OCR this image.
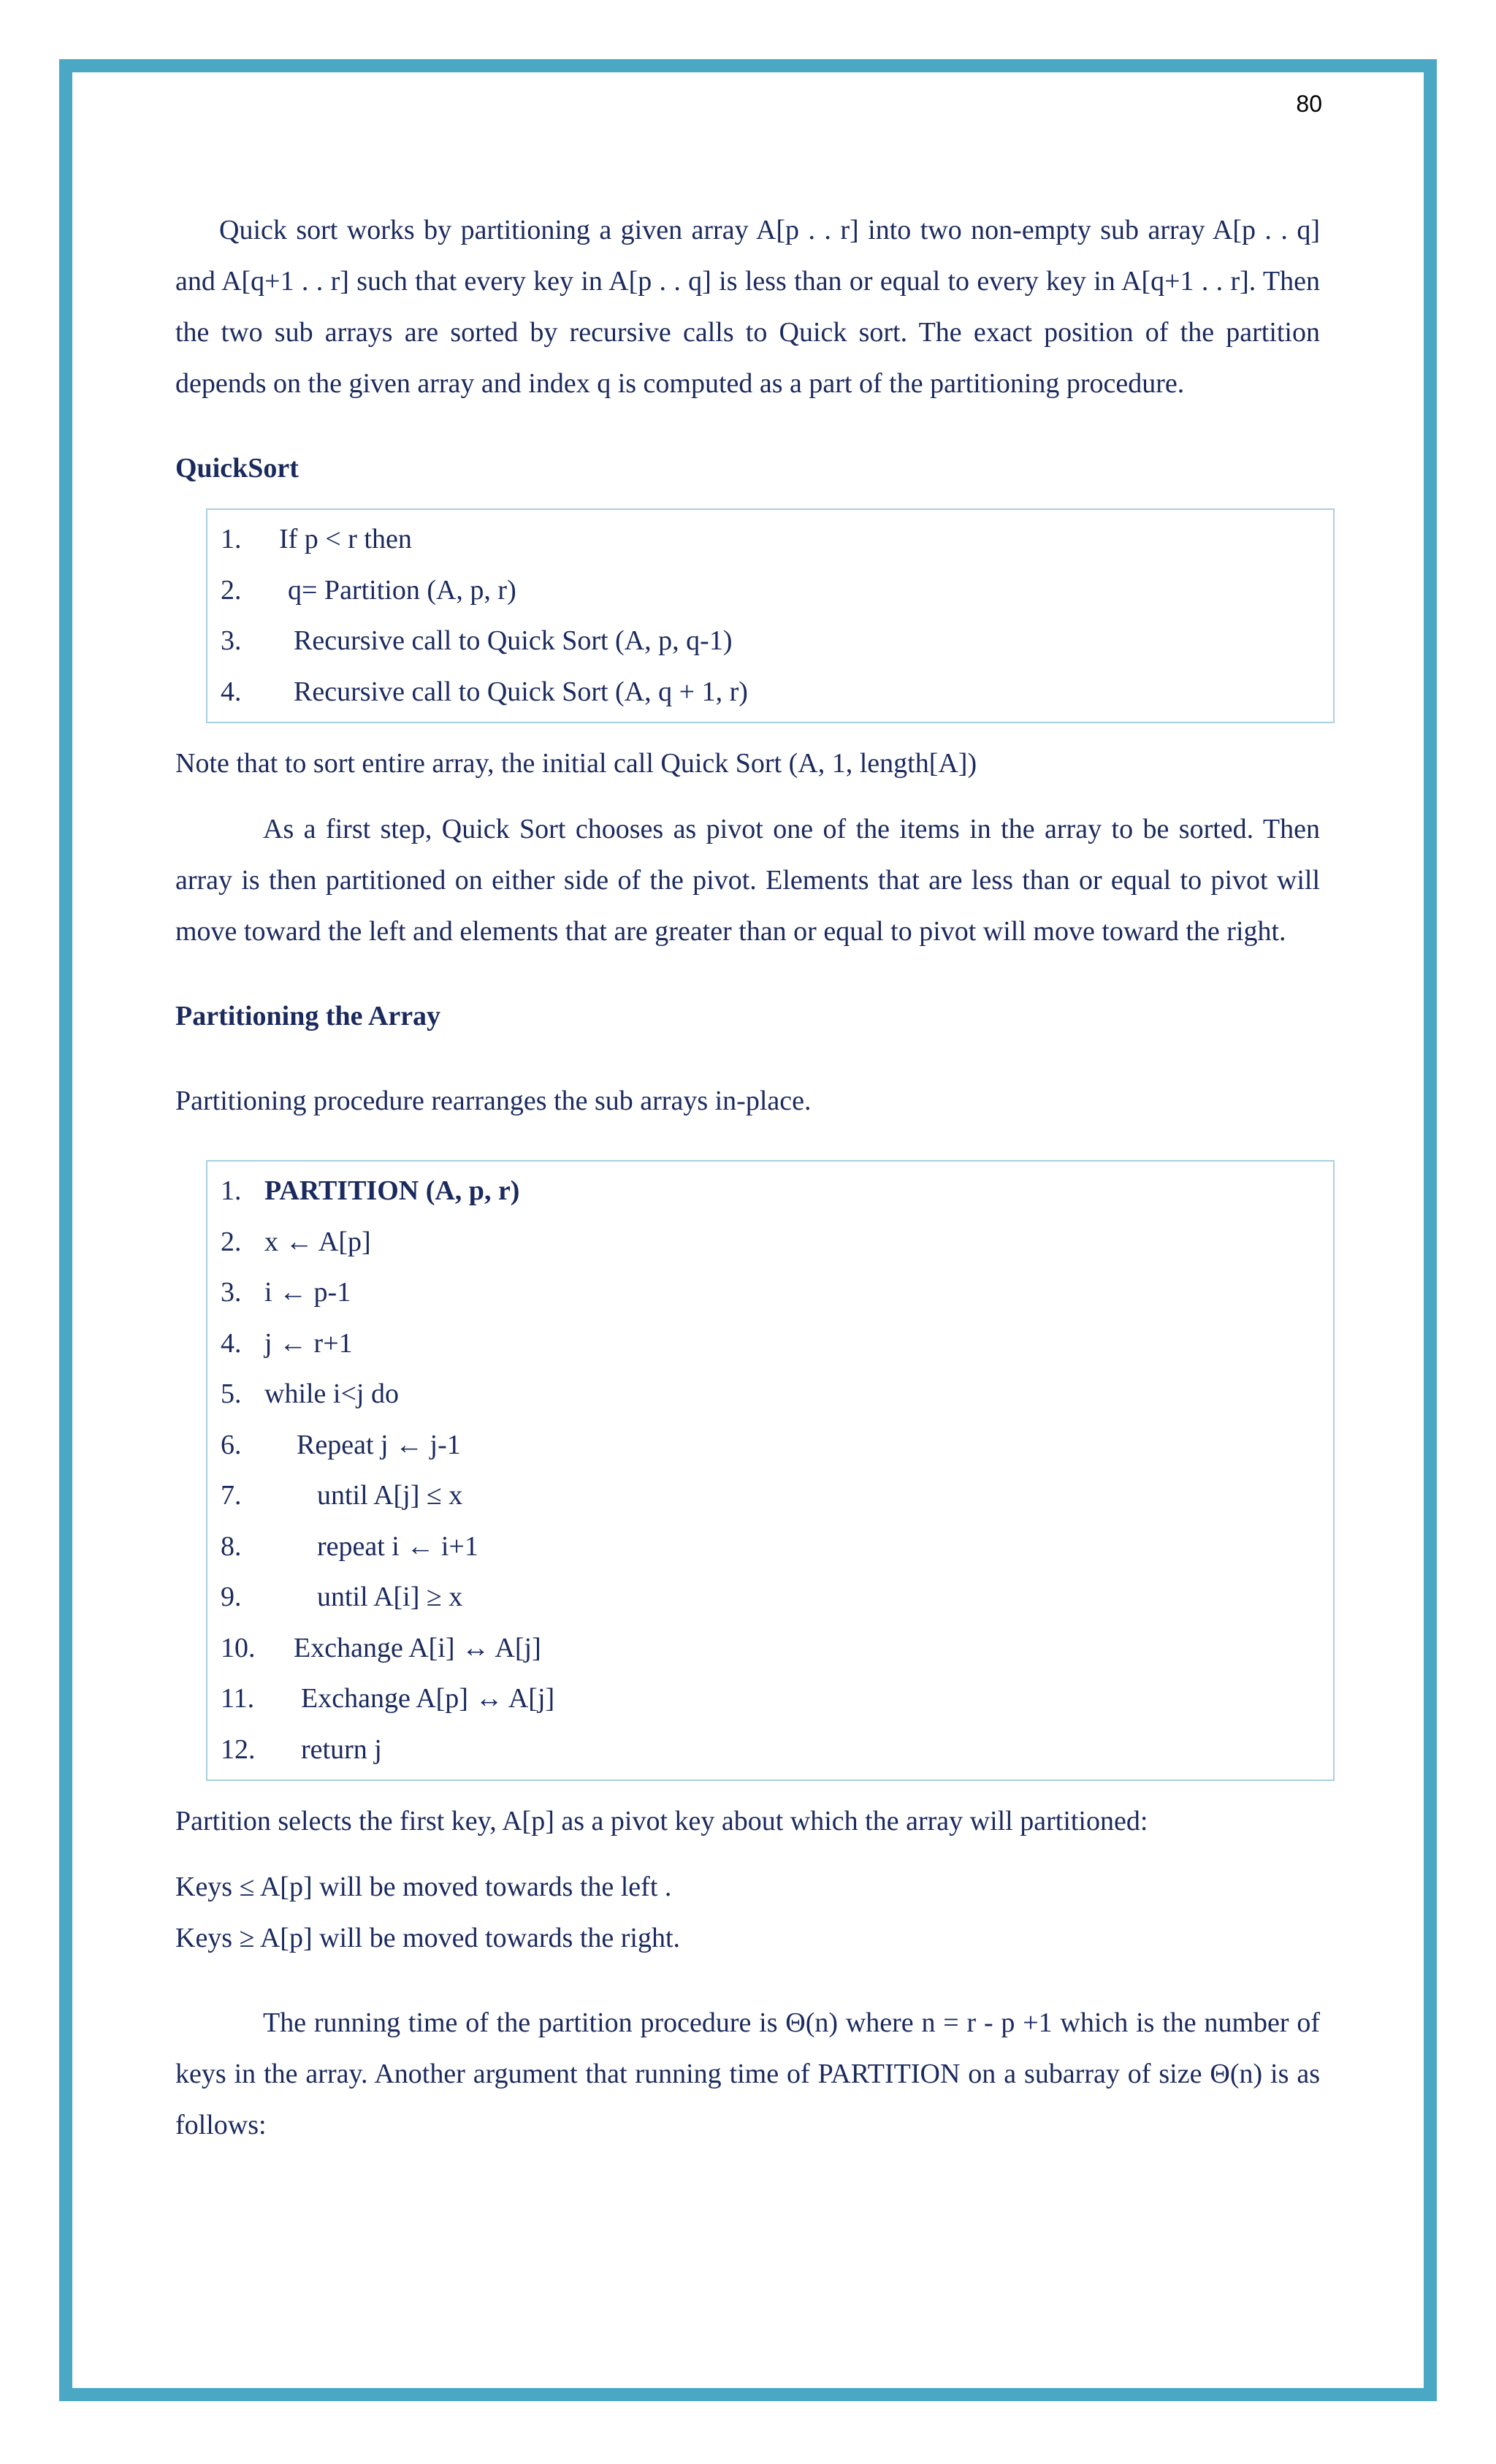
80

Quick sort works by partitioning a given array A[p . . r] into two non-empty sub array A[p . . q] and A[q+1 . . r] such that every key in A[p . . q] is less than or equal to every key in A[q+1 . . r]. Then the two sub arrays are sorted by recursive calls to Quick sort. The exact position of the partition depends on the given array and index q is computed as a part of the partitioning procedure.

QuickSort
1. If p < r then
2. q= Partition (A, p, r)
3. Recursive call to Quick Sort (A, p, q-1)
4. Recursive call to Quick Sort (A, q + 1, r)

Note that to sort entire array, the initial call Quick Sort (A, 1, length[A])

As a first step, Quick Sort chooses as pivot one of the items in the array to be sorted. Then array is then partitioned on either side of the pivot. Elements that are less than or equal to pivot will move toward the left and elements that are greater than or equal to pivot will move toward the right.

Partitioning the Array

Partitioning procedure rearranges the sub arrays in-place.

1. PARTITION (A, p, r)
2. x ← A[p]
3. i ← p-1
4. j ← r+1
5. while i<j do
6. Repeat j ← j-1
7.	until A[j] ≤ x
8.	repeat i ← i+1
9.	until A[i] ≥ x
10. Exchange A[i] ↔ A[j]
11. Exchange A[p] ↔ A[j]
12. return j

Partition selects the first key, A[p] as a pivot key about which the array will partitioned:

Keys ≤ A[p] will be moved towards the left .

Keys ≥ A[p] will be moved towards the right.

The running time of the partition procedure is Θ(n) where n = r - p +1 which is the number of keys in the array. Another argument that running time of PARTITION on a subarray of size Θ(n) is as follows:
